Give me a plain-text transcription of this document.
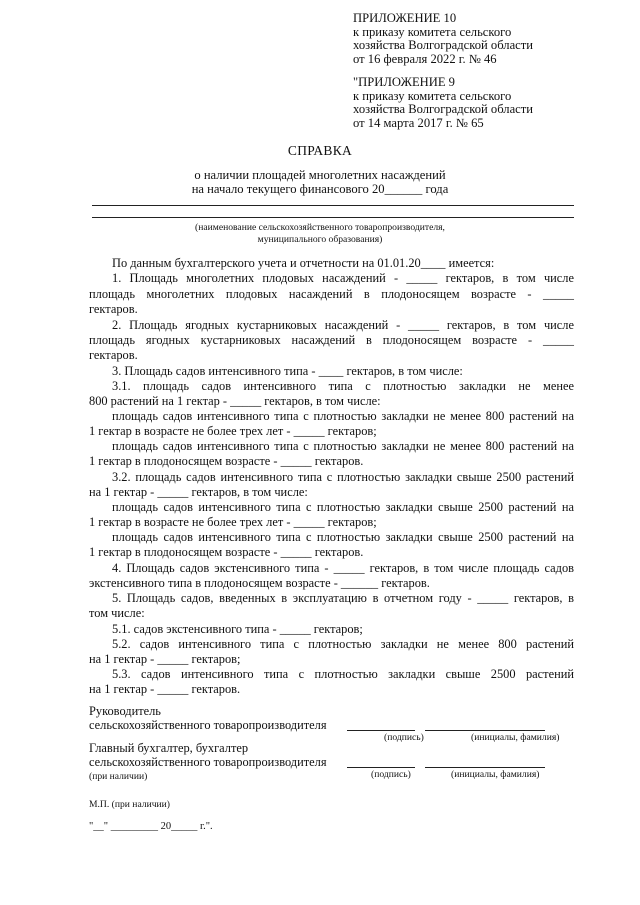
ПРИЛОЖЕНИЕ 10
к приказу комитета сельского
хозяйства Волгоградской области
от 16 февраля 2022 г. № 46
"ПРИЛОЖЕНИЕ 9
к приказу комитета сельского
хозяйства Волгоградской области
от 14 марта 2017 г. № 65
СПРАВКА
о наличии площадей многолетних насаждений
на начало текущего финансового 20______ года
(наименование сельскохозяйственного товаропроизводителя,
муниципального образования)
По данным бухгалтерского учета и отчетности на 01.01.20____ имеется:
1. Площадь многолетних плодовых насаждений - _____ гектаров, в том числе
площадь многолетних плодовых насаждений в плодоносящем возрасте - _____
гектаров.
2. Площадь ягодных кустарниковых насаждений - _____ гектаров, в том числе
площадь ягодных кустарниковых насаждений в плодоносящем возрасте - _____
гектаров.
3. Площадь садов интенсивного типа - ____ гектаров, в том числе:
3.1. площадь садов интенсивного типа с плотностью закладки не менее
800 растений на 1 гектар - _____ гектаров, в том числе:
площадь садов интенсивного типа с плотностью закладки не менее 800 растений на
1 гектар в возрасте не более трех лет - _____ гектаров;
площадь садов интенсивного типа с плотностью закладки не менее 800 растений на
1 гектар в плодоносящем возрасте - _____ гектаров.
3.2. площадь садов интенсивного типа с плотностью закладки свыше 2500 растений
на 1 гектар - _____ гектаров, в том числе:
площадь садов интенсивного типа с плотностью закладки свыше 2500 растений на
1 гектар в возрасте не более трех лет - _____ гектаров;
площадь садов интенсивного типа с плотностью закладки свыше 2500 растений на
1 гектар в плодоносящем возрасте - _____ гектаров.
4. Площадь садов экстенсивного типа - _____ гектаров, в том числе площадь садов
экстенсивного типа в плодоносящем возрасте - ______ гектаров.
5. Площадь садов, введенных в эксплуатацию в отчетном году - _____ гектаров, в
том числе:
5.1. садов экстенсивного типа - _____ гектаров;
5.2. садов интенсивного типа с плотностью закладки не менее 800 растений
на 1 гектар - _____ гектаров;
5.3. садов интенсивного типа с плотностью закладки свыше 2500 растений
на 1 гектар - _____ гектаров.
Руководитель
сельскохозяйственного товаропроизводителя
(подпись)	(инициалы, фамилия)
Главный бухгалтер, бухгалтер
сельскохозяйственного товаропроизводителя
(при наличии)	(подпись)	(инициалы, фамилия)
М.П. (при наличии)
"__" _________ 20_____ г.".
